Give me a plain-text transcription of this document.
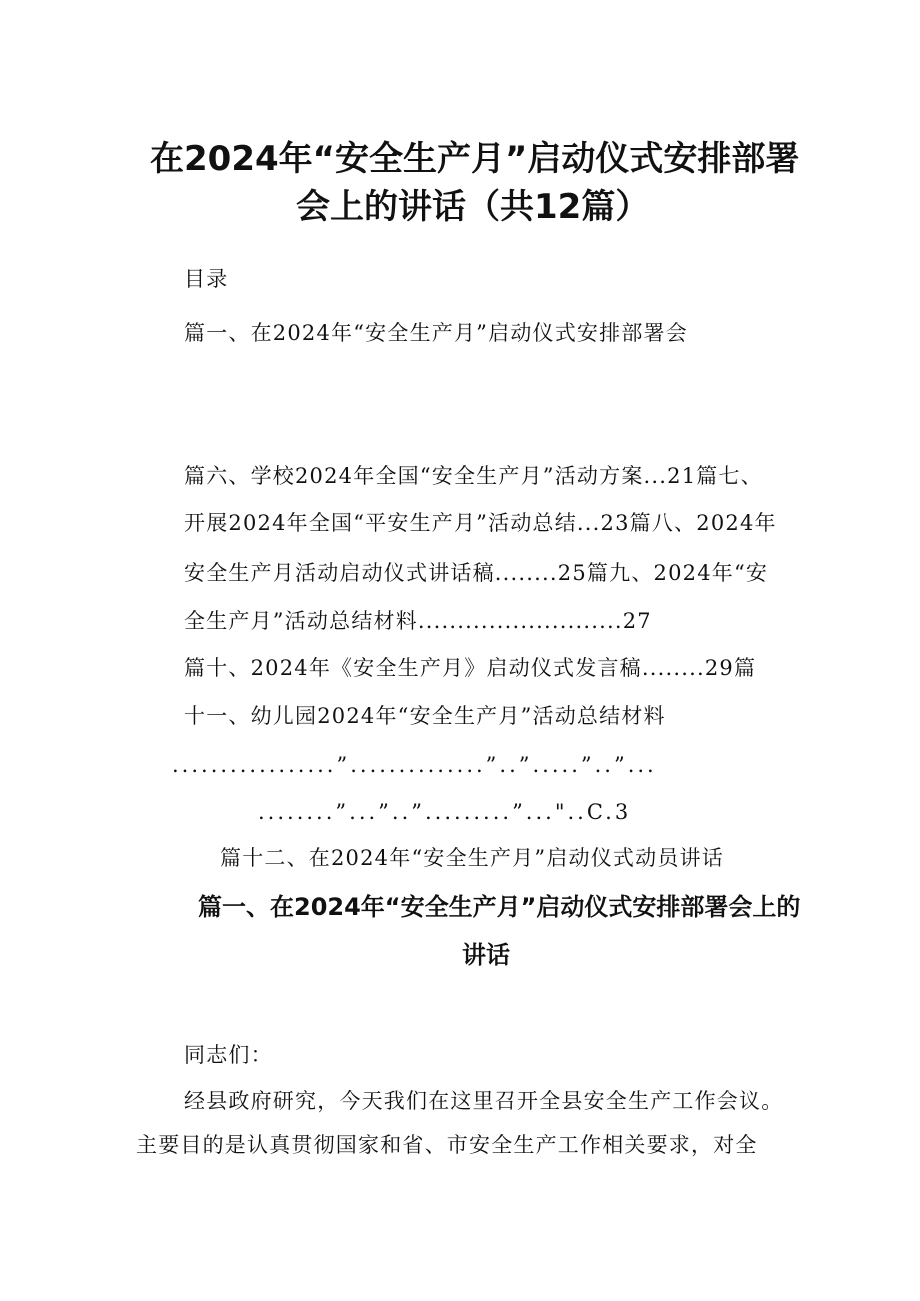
在2024年“安全生产月”启动仪式安排部署
会上的讲话（共12篇）
目录
篇一、在2024年“安全生产月”启动仪式安排部署会
篇六、学校2024年全国“安全生产月”活动方案...21篇七、
开展2024年全国“平安生产月”活动总结...23篇八、2024年
安全生产月活动启动仪式讲话稿........25篇九、2024年“安
全生产月”活动总结材料..........................27
篇十、2024年《安全生产月》启动仪式发言稿........29篇
十一、幼儿园2024年“安全生产月”活动总结材料
.................”..............”..”.....”..”...
........”...”..”.........”..."..C.3
篇十二、在2024年“安全生产月”启动仪式动员讲话
篇一、在2024年“安全生产月”启动仪式安排部署会上的
讲话
同志们：
经县政府研究，今天我们在这里召开全县安全生产工作会议。
主要目的是认真贯彻国家和省、市安全生产工作相关要求，对全
